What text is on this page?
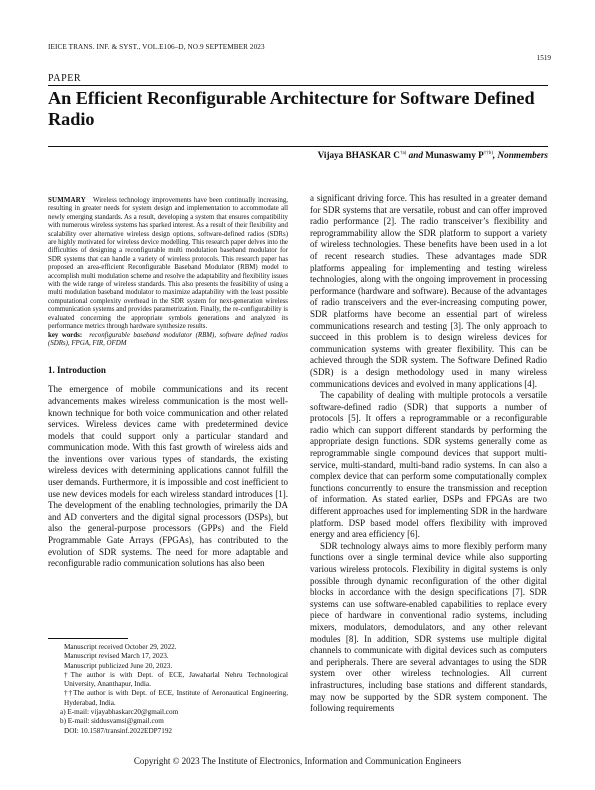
IEICE TRANS. INF. & SYST., VOL.E106–D, NO.9 SEPTEMBER 2023
1519
PAPER
An Efficient Reconfigurable Architecture for Software Defined Radio
Vijaya BHASKAR $C^{\dagger a)}$ and Munaswamy $P^{\dagger\dagger b)}$, Nonmembers
SUMMARY Wireless technology improvements have been continually increasing, resulting in greater needs for system design and implementation to accommodate all newly emerging standards. As a result, developing a system that ensures compatibility with numerous wireless systems has sparked interest. As a result of their flexibility and scalability over alternative wireless design options, software-defined radios (SDRs) are highly motivated for wireless device modelling. This research paper delves into the difficulties of designing a reconfigurable multi modulation baseband modulator for SDR systems that can handle a variety of wireless protocols. This research paper has proposed an area-efficient Reconfigurable Baseband Modulator (RBM) model to accomplish multi modulation scheme and resolve the adaptability and flexibility issues with the wide range of wireless standards. This also presents the feasibility of using a multi modulation baseband modulator to maximize adaptability with the least possible computational complexity overhead in the SDR system for next-generation wireless communication systems and provides parametrization. Finally, the re-configurability is evaluated concerning the appropriate symbols generations and analyzed its performance metrics through hardware synthesize results.
key words: reconfigurable baseband modulator (RBM), software defined radios (SDRs), FPGA, FIR, OFDM
1. Introduction

The emergence of mobile communications and its recent advancements makes wireless communication is the most well-known technique for both voice communication and other related services. Wireless devices came with predetermined device models that could support only a particular standard and communication mode. With this fast growth of wireless aids and the inventions over various types of standards, the existing wireless devices with determining applications cannot fulfill the user demands. Furthermore, it is impossible and cost inefficient to use new devices models for each wireless standard introduces [1]. The development of the enabling technologies, primarily the DA and AD converters and the digital signal processors (DSPs), but also the general-purpose processors (GPPs) and the Field Programmable Gate Arrays (FPGAs), has contributed to the evolution of SDR systems. The need for more adaptable and reconfigurable radio communication solutions has also been

a significant driving force. This has resulted in a greater demand for SDR systems that are versatile, robust and can offer improved radio performance [2]. The radio transceiver’s flexibility and reprogrammability allow the SDR platform to support a variety of wireless technologies. These benefits have been used in a lot of recent research studies. These advantages made SDR platforms appealing for implementing and testing wireless technologies, along with the ongoing improvement in processing performance (hardware and software). Because of the advantages of radio transceivers and the ever-increasing computing power, SDR platforms have become an essential part of wireless communications research and testing [3]. The only approach to succeed in this problem is to design wireless devices for communication systems with greater flexibility. This can be achieved through the SDR system. The Software Defined Radio (SDR) is a design methodology used in many wireless communications devices and evolved in many applications [4].

The capability of dealing with multiple protocols a versatile software-defined radio (SDR) that supports a number of protocols [5]. It offers a reprogrammable or a reconfigurable radio which can support different standards by performing the appropriate design functions. SDR systems generally come as reprogrammable single compound devices that support multi-service, multi-standard, multi-band radio systems. In can also a complex device that can perform some computationally complex functions concurrently to ensure the transmission and reception of information. As stated earlier, DSPs and FPGAs are two different approaches used for implementing SDR in the hardware platform. DSP based model offers flexibility with improved energy and area efficiency [6].

SDR technology always aims to more flexibly perform many functions over a single terminal device while also supporting various wireless protocols. Flexibility in digital systems is only possible through dynamic reconfiguration of the other digital blocks in accordance with the design specifications [7]. SDR systems can use software-enabled capabilities to replace every piece of hardware in conventional radio systems, including mixers, modulators, demodulators, and any other relevant modules [8]. In addition, SDR systems use multiple digital channels to communicate with digital devices such as computers and peripherals. There are several advantages to using the SDR system over other wireless technologies. All current infrastructures, including base stations and different standards, may now be supported by the SDR system component. The following requirements

Manuscript received October 29, 2022.
Manuscript revised March 17, 2023.
Manuscript publicized June 20, 2023.
†The author is with Dept. of ECE, Jawaharlal Nehru Technological University, Ananthapur, India.
††The author is with Dept. of ECE, Institute of Aeronautical Engineering, Hyderabad, India.
a) E-mail: vijayabhaskarc20@gmail.com
b) E-mail: siddusvamsi@gmail.com
DOI: 10.1587/transinf.2022EDP7192
Copyright © 2023 The Institute of Electronics, Information and Communication Engineers
